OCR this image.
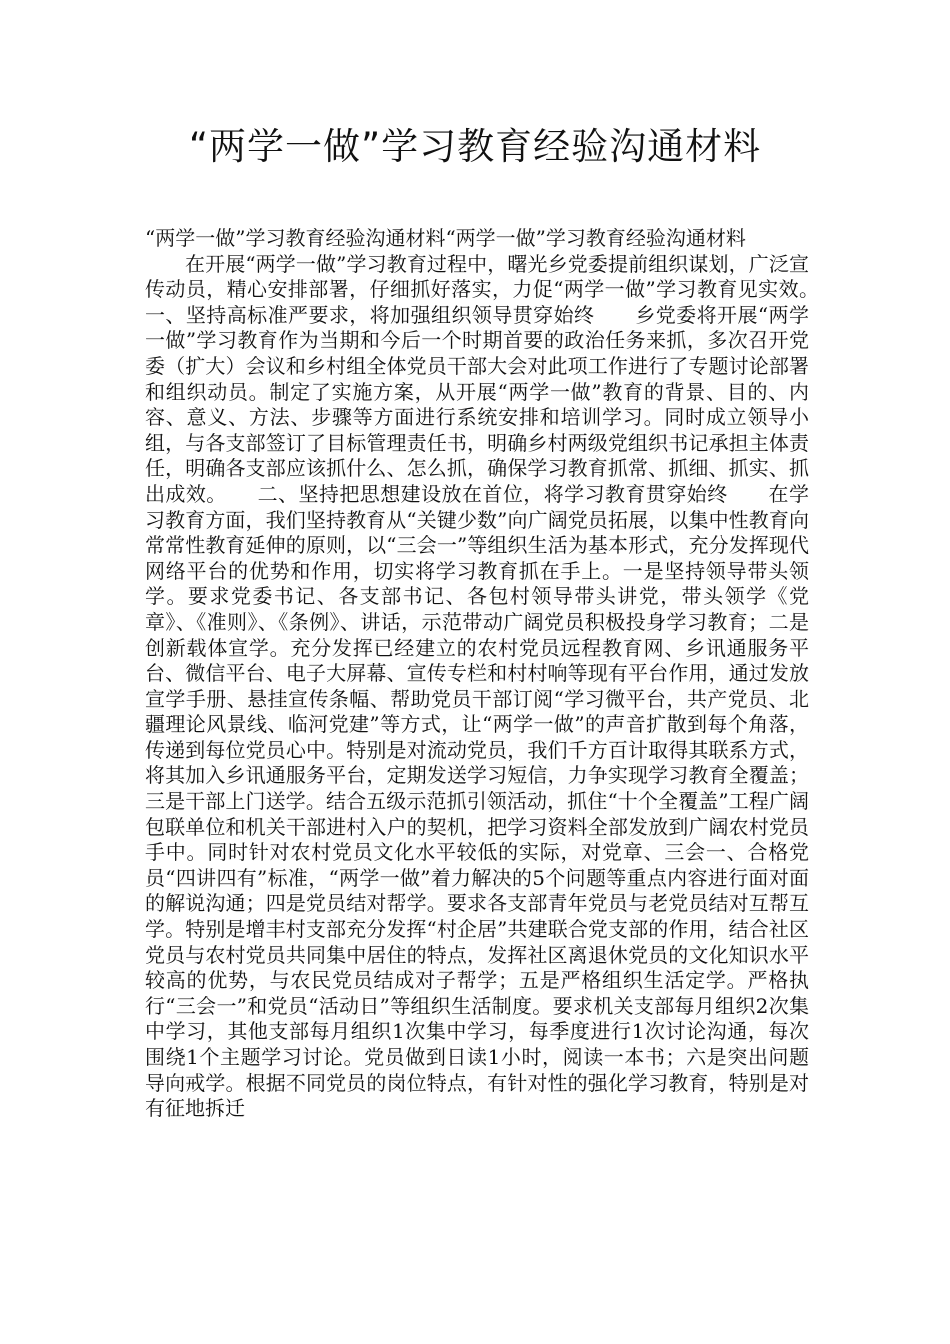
“两学一做”学习教育经验沟通材料

“两学一做”学习教育经验沟通材料“两学一做”学习教育经验沟通材料

在开展“两学一做”学习教育过程中，曙光乡党委提前组织谋划，广泛宣传动员，精心安排部署，仔细抓好落实，力促“两学一做”学习教育见实效。　　一、坚持高标准严要求，将加强组织领导贯穿始终　　乡党委将开展“两学一做”学习教育作为当期和今后一个时期首要的政治任务来抓，多次召开党委（扩大）会议和乡村组全体党员干部大会对此项工作进行了专题讨论部署和组织动员。制定了实施方案，从开展“两学一做”教育的背景、目的、内容、意义、方法、步骤等方面进行系统安排和培训学习。同时成立领导小组，与各支部签订了目标管理责任书，明确乡村两级党组织书记承担主体责任，明确各支部应该抓什么、怎么抓，确保学习教育抓常、抓细、抓实、抓出成效。　　二、坚持把思想建设放在首位，将学习教育贯穿始终　　在学习教育方面，我们坚持教育从“关键少数”向广阔党员拓展，以集中性教育向常常性教育延伸的原则，以“三会一”等组织生活为基本形式，充分发挥现代网络平台的优势和作用，切实将学习教育抓在手上。一是坚持领导带头领学。要求党委书记、各支部书记、各包村领导带头讲党，带头领学《党章》、《准则》、《条例》、讲话，示范带动广阔党员积极投身学习教育；二是创新载体宣学。充分发挥已经建立的农村党员远程教育网、乡讯通服务平台、微信平台、电子大屏幕、宣传专栏和村村响等现有平台作用，通过发放宣学手册、悬挂宣传条幅、帮助党员干部订阅“学习微平台，共产党员、北疆理论风景线、临河党建”等方式，让“两学一做”的声音扩散到每个角落，传递到每位党员心中。特别是对流动党员，我们千方百计取得其联系方式，将其加入乡讯通服务平台，定期发送学习短信，力争实现学习教育全覆盖；三是干部上门送学。结合五级示范抓引领活动，抓住“十个全覆盖”工程广阔包联单位和机关干部进村入户的契机，把学习资料全部发放到广阔农村党员手中。同时针对农村党员文化水平较低的实际，对党章、三会一、合格党员“四讲四有”标准，“两学一做”着力解决的5个问题等重点内容进行面对面的解说沟通；四是党员结对帮学。要求各支部青年党员与老党员结对互帮互学。特别是增丰村支部充分发挥“村企居”共建联合党支部的作用，结合社区党员与农村党员共同集中居住的特点，发挥社区离退休党员的文化知识水平较高的优势，与农民党员结成对子帮学；五是严格组织生活定学。严格执行“三会一”和党员“活动日”等组织生活制度。要求机关支部每月组织2次集中学习，其他支部每月组织1次集中学习，每季度进行1次讨论沟通，每次围绕1个主题学习讨论。党员做到日读1小时，阅读一本书；六是突出问题导向戒学。根据不同党员的岗位特点，有针对性的强化学习教育，特别是对有征地拆迁
